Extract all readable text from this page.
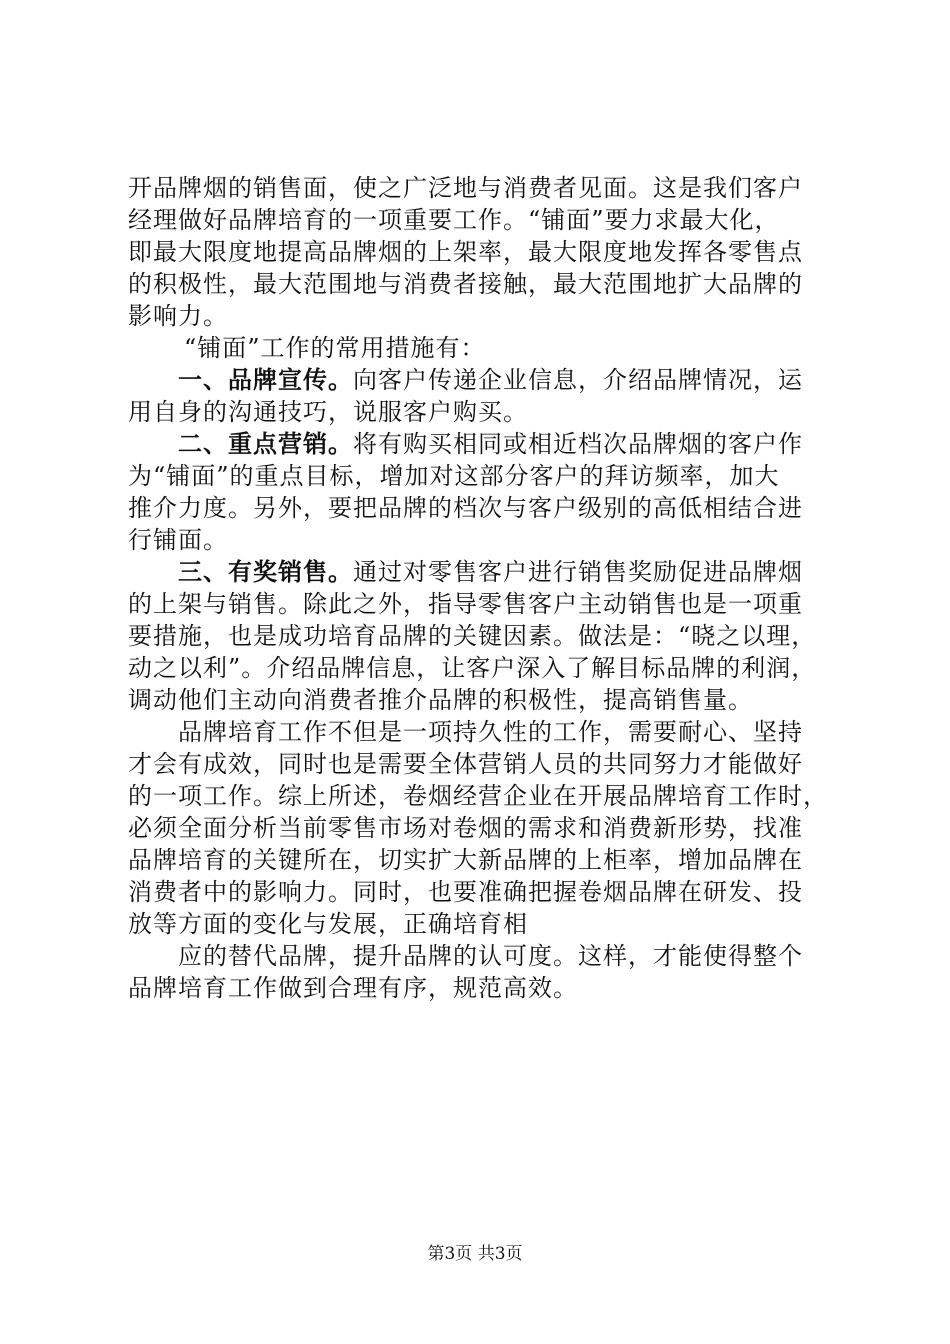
开品牌烟的销售面，使之广泛地与消费者见面。这是我们客户
经理做好品牌培育的一项重要工作。“铺面”要力求最大化，
即最大限度地提高品牌烟的上架率，最大限度地发挥各零售点
的积极性，最大范围地与消费者接触，最大范围地扩大品牌的
影响力。
“铺面”工作的常用措施有：
一、品牌宣传。向客户传递企业信息，介绍品牌情况，运
用自身的沟通技巧，说服客户购买。
二、重点营销。将有购买相同或相近档次品牌烟的客户作
为“铺面”的重点目标，增加对这部分客户的拜访频率，加大
推介力度。另外，要把品牌的档次与客户级别的高低相结合进
行铺面。
三、有奖销售。通过对零售客户进行销售奖励促进品牌烟
的上架与销售。除此之外，指导零售客户主动销售也是一项重
要措施，也是成功培育品牌的关键因素。做法是：“晓之以理，
动之以利”。介绍品牌信息，让客户深入了解目标品牌的利润，
调动他们主动向消费者推介品牌的积极性，提高销售量。
品牌培育工作不但是一项持久性的工作，需要耐心、坚持
才会有成效，同时也是需要全体营销人员的共同努力才能做好
的一项工作。综上所述，卷烟经营企业在开展品牌培育工作时，
必须全面分析当前零售市场对卷烟的需求和消费新形势，找准
品牌培育的关键所在，切实扩大新品牌的上柜率，增加品牌在
消费者中的影响力。同时，也要准确把握卷烟品牌在研发、投
放等方面的变化与发展，正确培育相
应的替代品牌，提升品牌的认可度。这样，才能使得整个
品牌培育工作做到合理有序，规范高效。
第3页 共3页
